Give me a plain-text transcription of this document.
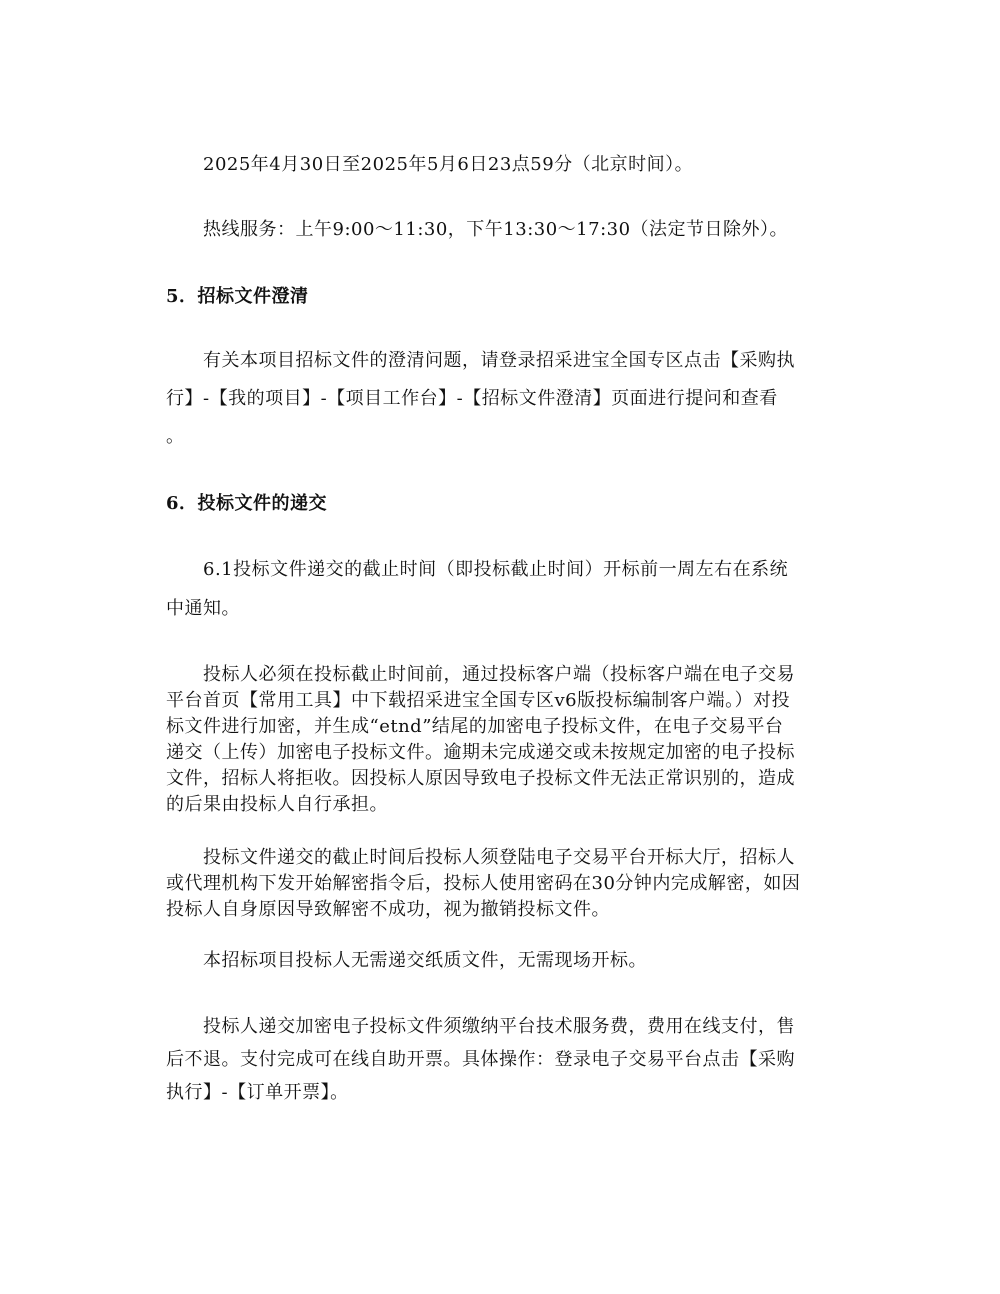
2025年4月30日至2025年5月6日23点59分（北京时间）。

热线服务：上午9:00～11:30，下午13:30～17:30（法定节日除外）。

5．招标文件澄清

有关本项目招标文件的澄清问题，请登录招采进宝全国专区点击【采购执

行】-【我的项目】-【项目工作台】-【招标文件澄清】页面进行提问和查看

。

6．投标文件的递交

6.1投标文件递交的截止时间（即投标截止时间）开标前一周左右在系统

中通知。

投标人必须在投标截止时间前，通过投标客户端（投标客户端在电子交易

平台首页【常用工具】中下载招采进宝全国专区v6版投标编制客户端。）对投

标文件进行加密，并生成“etnd”结尾的加密电子投标文件，在电子交易平台

递交（上传）加密电子投标文件。逾期未完成递交或未按规定加密的电子投标

文件，招标人将拒收。因投标人原因导致电子投标文件无法正常识别的，造成

的后果由投标人自行承担。

投标文件递交的截止时间后投标人须登陆电子交易平台开标大厅，招标人

或代理机构下发开始解密指令后，投标人使用密码在30分钟内完成解密，如因

投标人自身原因导致解密不成功，视为撤销投标文件。

本招标项目投标人无需递交纸质文件，无需现场开标。

投标人递交加密电子投标文件须缴纳平台技术服务费，费用在线支付，售

后不退。支付完成可在线自助开票。具体操作：登录电子交易平台点击【采购

执行】-【订单开票】。
